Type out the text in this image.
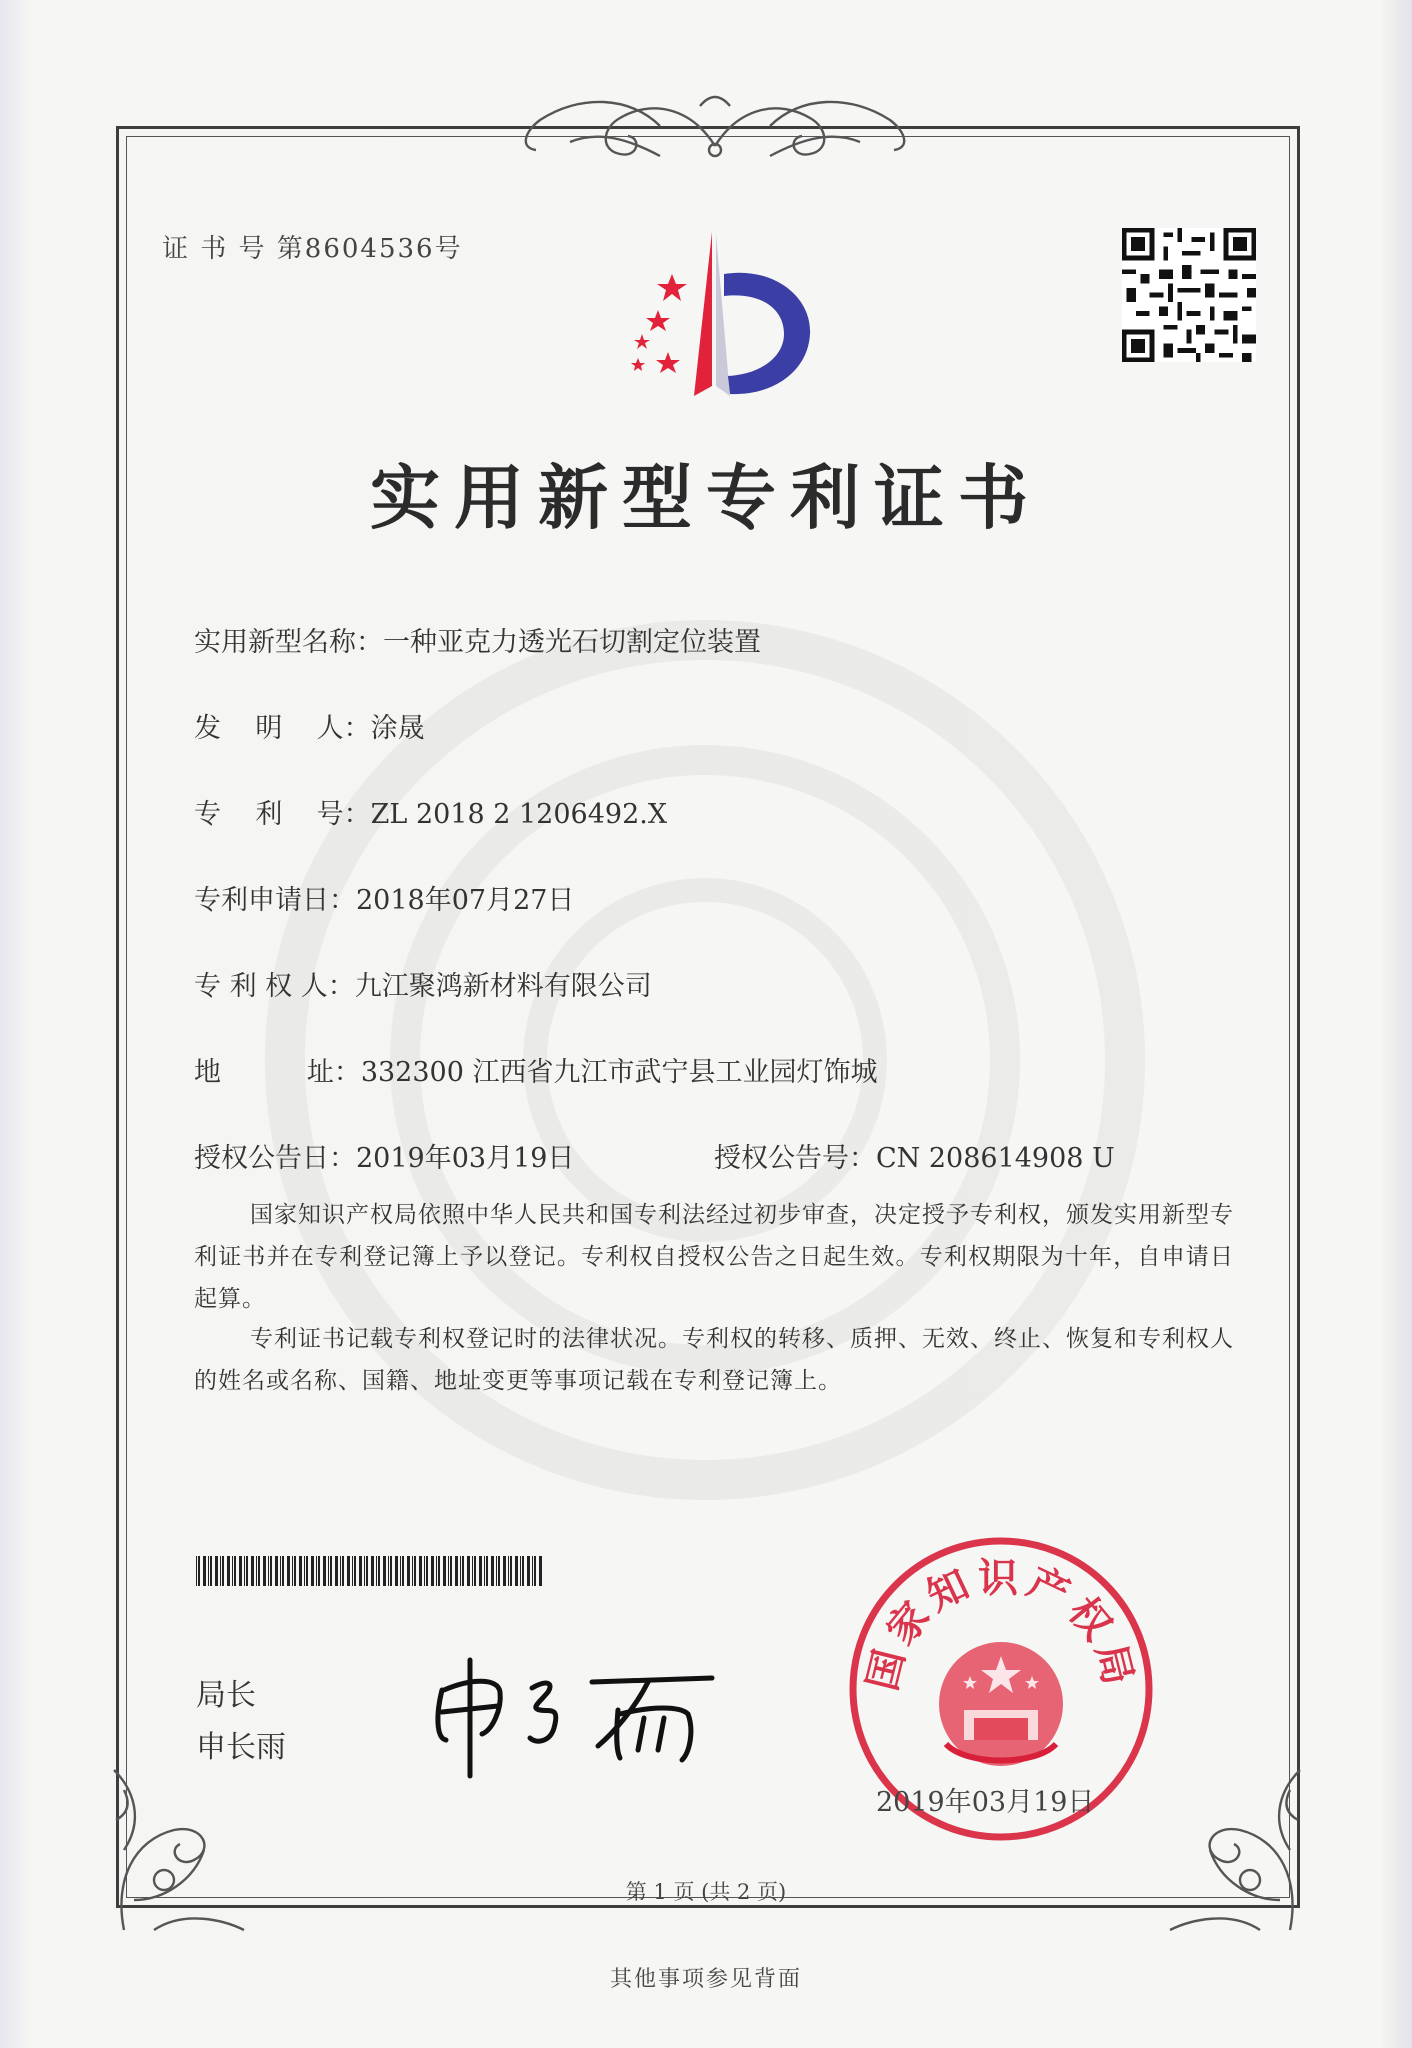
证 书 号 第8604536号
实用新型专利证书
实用新型名称： 一种亚克力透光石切割定位装置
发    明    人： 涂晟
专    利    号： ZL 2018 2 1206492.X
专利申请日： 2018年07月27日
专 利 权 人： 九江聚鸿新材料有限公司
地          址： 332300 江西省九江市武宁县工业园灯饰城
授权公告日： 2019年03月19日	授权公告号： CN 208614908 U
国家知识产权局依照中华人民共和国专利法经过初步审查，决定授予专利权，颁发实用新型专利证书并在专利登记簿上予以登记。专利权自授权公告之日起生效。专利权期限为十年，自申请日起算。
专利证书记载专利权登记时的法律状况。专利权的转移、质押、无效、终止、恢复和专利权人的姓名或名称、国籍、地址变更等事项记载在专利登记簿上。
局长
申长雨
国家知识产权局
2019年03月19日
第 1 页 (共 2 页)
其他事项参见背面
